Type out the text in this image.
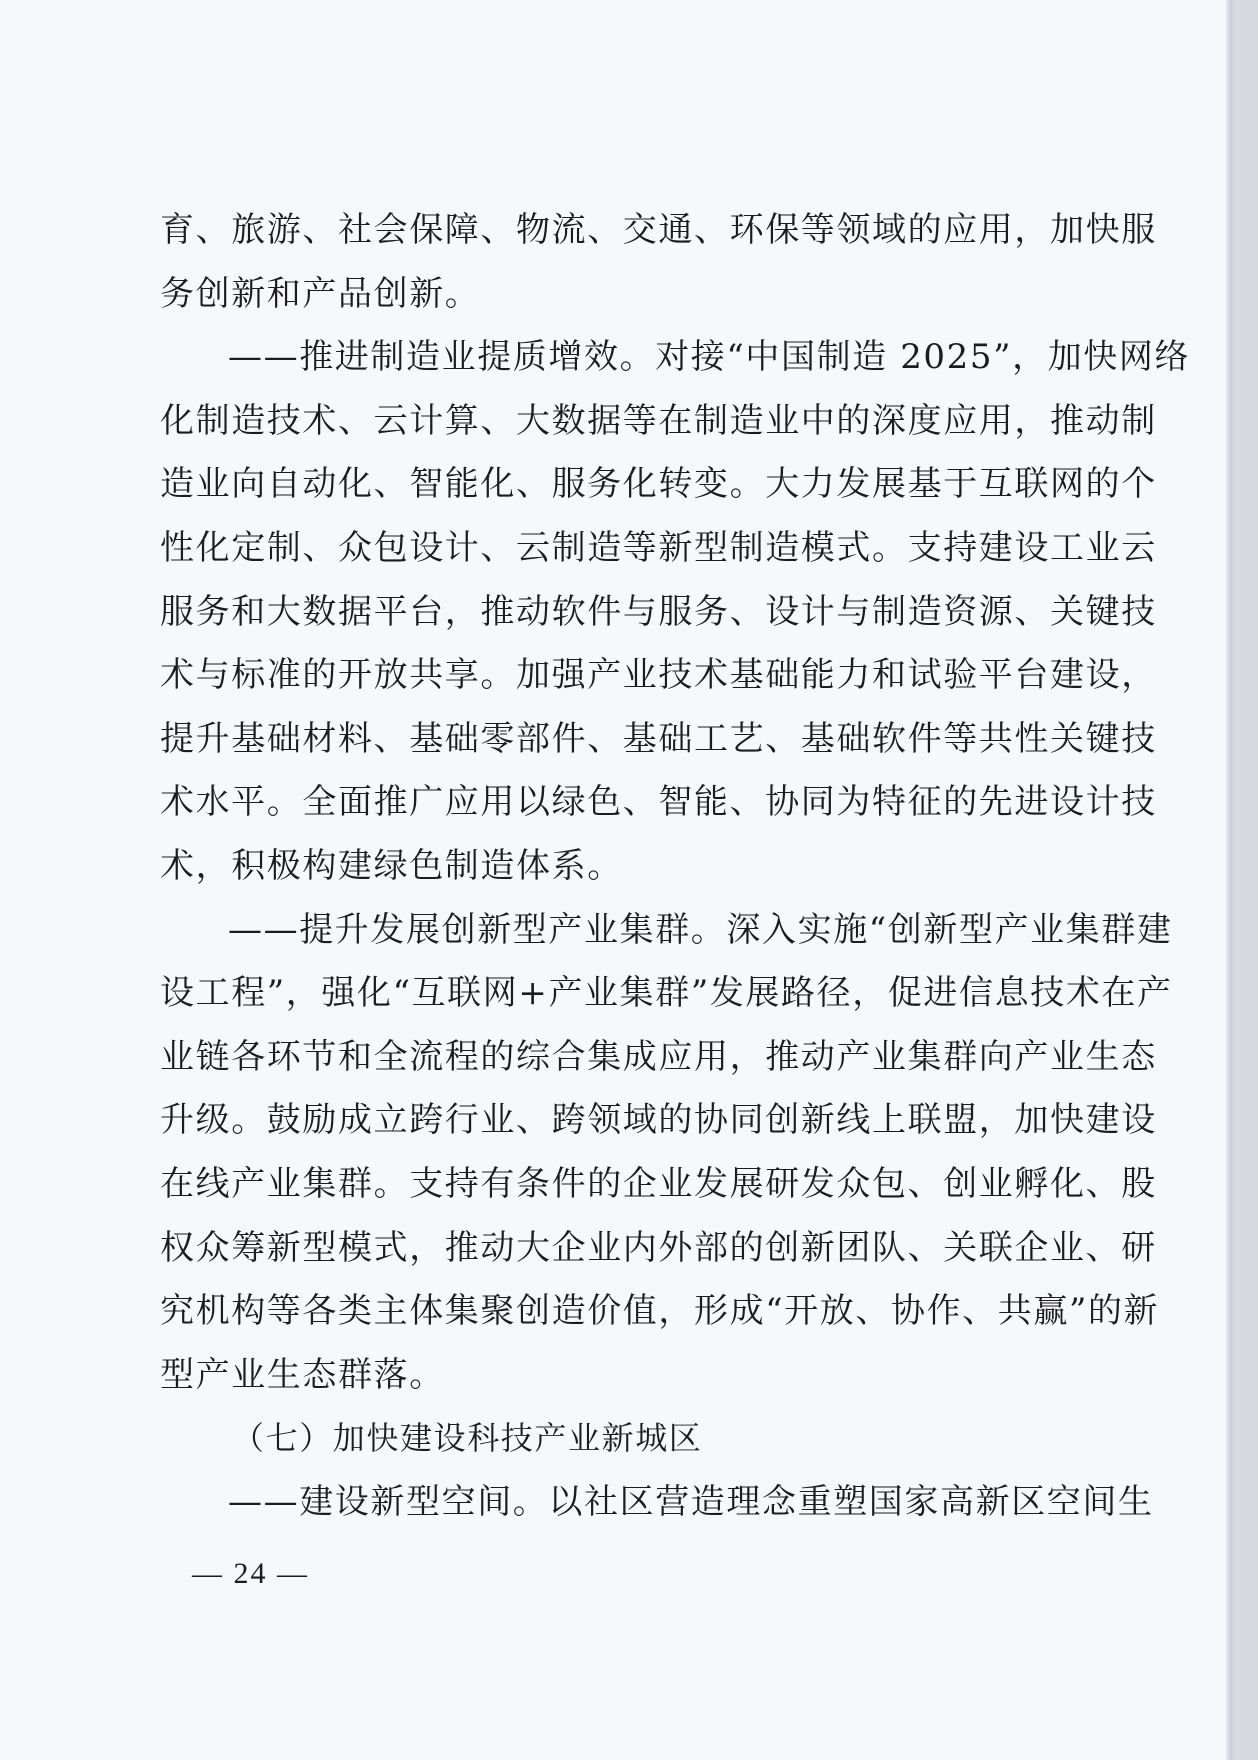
育、旅游、社会保障、物流、交通、环保等领域的应用，加快服
务创新和产品创新。
——推进制造业提质增效。对接“中国制造 2025”，加快网络
化制造技术、云计算、大数据等在制造业中的深度应用，推动制
造业向自动化、智能化、服务化转变。大力发展基于互联网的个
性化定制、众包设计、云制造等新型制造模式。支持建设工业云
服务和大数据平台，推动软件与服务、设计与制造资源、关键技
术与标准的开放共享。加强产业技术基础能力和试验平台建设，
提升基础材料、基础零部件、基础工艺、基础软件等共性关键技
术水平。全面推广应用以绿色、智能、协同为特征的先进设计技
术，积极构建绿色制造体系。
——提升发展创新型产业集群。深入实施“创新型产业集群建
设工程”，强化“互联网+产业集群”发展路径，促进信息技术在产
业链各环节和全流程的综合集成应用，推动产业集群向产业生态
升级。鼓励成立跨行业、跨领域的协同创新线上联盟，加快建设
在线产业集群。支持有条件的企业发展研发众包、创业孵化、股
权众筹新型模式，推动大企业内外部的创新团队、关联企业、研
究机构等各类主体集聚创造价值，形成“开放、协作、共赢”的新
型产业生态群落。
（七）加快建设科技产业新城区
——建设新型空间。以社区营造理念重塑国家高新区空间生
— 24 —
